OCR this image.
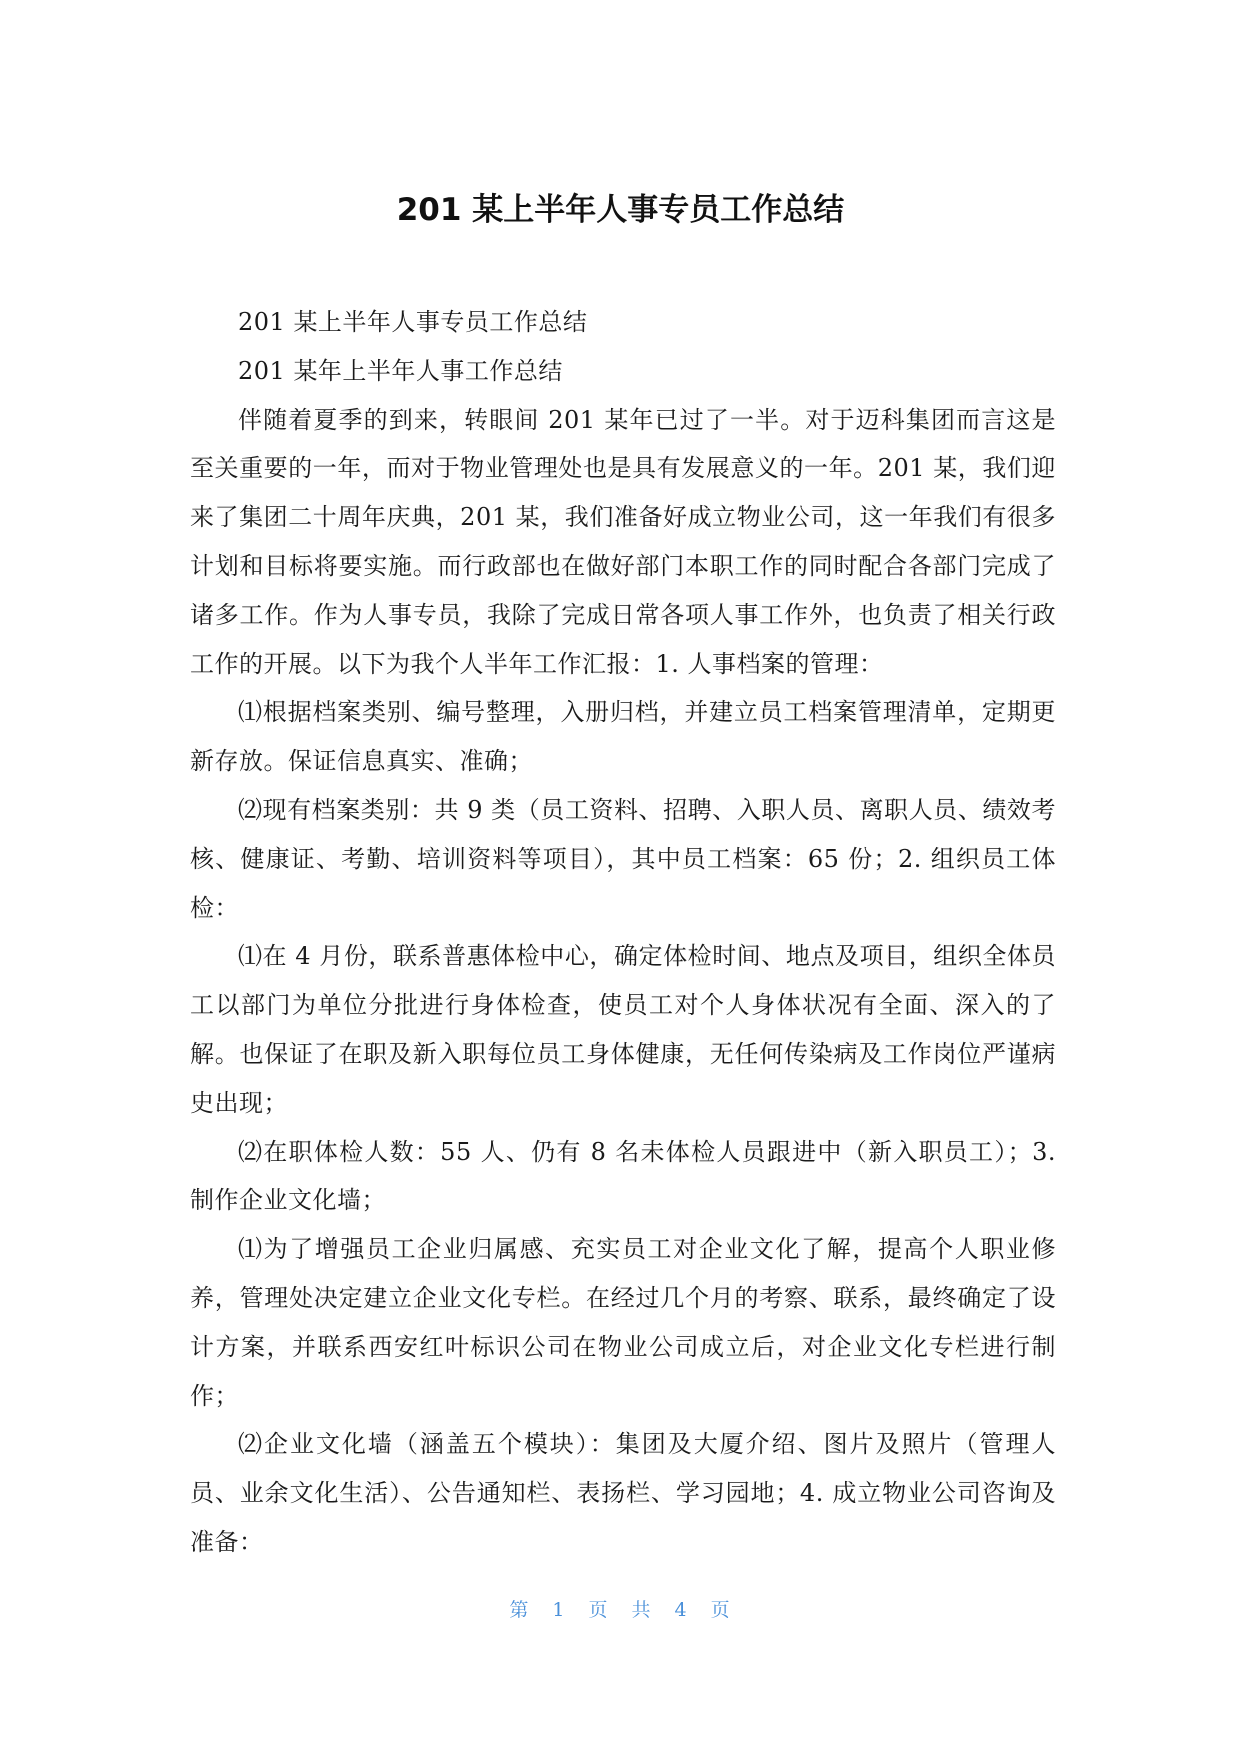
201 某上半年人事专员工作总结

201 某上半年人事专员工作总结

201 某年上半年人事工作总结

伴随着夏季的到来，转眼间 201 某年已过了一半。对于迈科集团而言这是至关重要的一年，而对于物业管理处也是具有发展意义的一年。201 某，我们迎来了集团二十周年庆典，201 某，我们准备好成立物业公司，这一年我们有很多计划和目标将要实施。而行政部也在做好部门本职工作的同时配合各部门完成了诸多工作。作为人事专员，我除了完成日常各项人事工作外，也负责了相关行政工作的开展。以下为我个人半年工作汇报：1. 人事档案的管理：

⑴根据档案类别、编号整理，入册归档，并建立员工档案管理清单，定期更新存放。保证信息真实、准确；

⑵现有档案类别：共 9 类（员工资料、招聘、入职人员、离职人员、绩效考核、健康证、考勤、培训资料等项目），其中员工档案：65 份；2. 组织员工体检：

⑴在 4 月份，联系普惠体检中心，确定体检时间、地点及项目，组织全体员工以部门为单位分批进行身体检查，使员工对个人身体状况有全面、深入的了解。也保证了在职及新入职每位员工身体健康，无任何传染病及工作岗位严谨病史出现；

⑵在职体检人数：55 人、仍有 8 名未体检人员跟进中（新入职员工）；3. 制作企业文化墙；

⑴为了增强员工企业归属感、充实员工对企业文化了解，提高个人职业修养，管理处决定建立企业文化专栏。在经过几个月的考察、联系，最终确定了设计方案，并联系西安红叶标识公司在物业公司成立后，对企业文化专栏进行制作；

⑵企业文化墙（涵盖五个模块）：集团及大厦介绍、图片及照片（管理人员、业余文化生活）、公告通知栏、表扬栏、学习园地；4. 成立物业公司咨询及准备：

第 1 页 共 4 页
